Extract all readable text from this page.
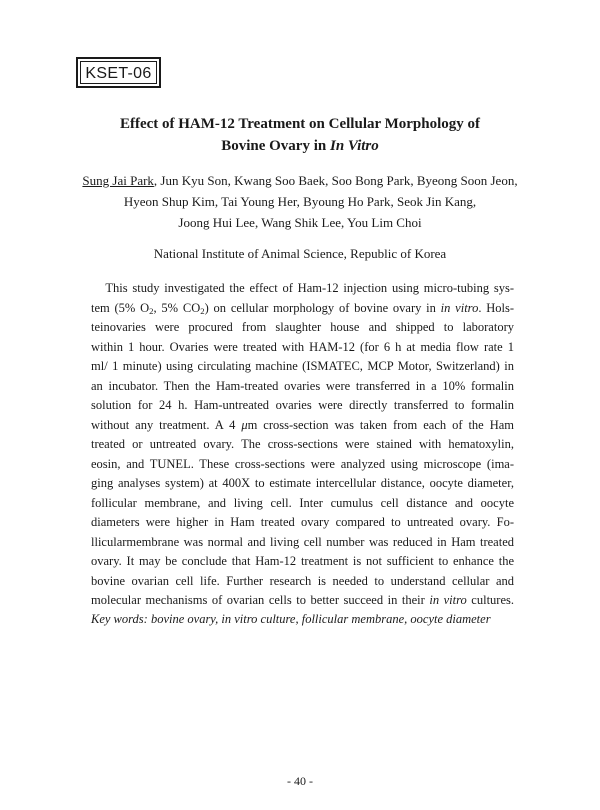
KSET-06
Effect of HAM-12 Treatment on Cellular Morphology of
Bovine Ovary in In Vitro
Sung Jai Park, Jun Kyu Son, Kwang Soo Baek, Soo Bong Park, Byeong Soon Jeon,
Hyeon Shup Kim, Tai Young Her, Byoung Ho Park, Seok Jin Kang,
Joong Hui Lee, Wang Shik Lee, You Lim Choi
National Institute of Animal Science, Republic of Korea
This study investigated the effect of Ham-12 injection using micro-tubing sys-
tem (5% $O_2$, 5% $CO_2$) on cellular morphology of bovine ovary in in vitro. Hols-
teinovaries were procured from slaughter house and shipped to laboratory
within 1 hour. Ovaries were treated with HAM-12 (for 6 h at media flow rate 1
ml/ 1 minute) using circulating machine (ISMATEC, MCP Motor, Switzerland) in
an incubator. Then the Ham-treated ovaries were transferred in a 10% formalin
solution for 24 h. Ham-untreated ovaries were directly transferred to formalin
without any treatment. A 4 μm cross-section was taken from each of the Ham
treated or untreated ovary. The cross-sections were stained with hematoxylin,
eosin, and TUNEL. These cross-sections were analyzed using microscope (ima-
ging analyses system) at 400X to estimate intercellular distance, oocyte diameter,
follicular membrane, and living cell. Inter cumulus cell distance and oocyte
diameters were higher in Ham treated ovary compared to untreated ovary. Fo-
llicularmembrane was normal and living cell number was reduced in Ham treated
ovary. It may be conclude that Ham-12 treatment is not sufficient to enhance the
bovine ovarian cell life. Further research is needed to understand cellular and
molecular mechanisms of ovarian cells to better succeed in their in vitro cultures.
Key words: bovine ovary, in vitro culture, follicular membrane, oocyte diameter
- 40 -
